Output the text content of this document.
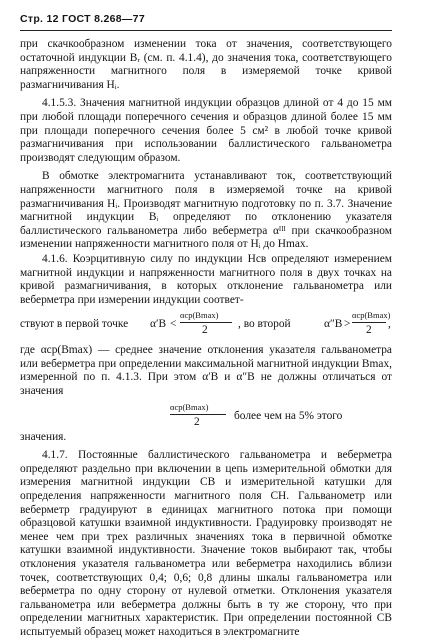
Стр. 12 ГОСТ 8.268—77

при скачкообразном изменении тока от значения, соответствующего остаточной индукции Bᵣ (см. п. 4.1.4), до значения тока, соответствующего напряженности магнитного поля в измеряемой точке кривой размагничивания Hᵢ.

4.1.5.3. Значения магнитной индукции образцов длиной от 4 до 15 мм при любой площади поперечного сечения и образцов длиной более 15 мм при площади поперечного сечения более 5 см² в любой точке кривой размагничивания при использовании баллистического гальванометра производят следующим образом.

В обмотке электромагнита устанавливают ток, соответствующий напряженности магнитного поля в измеряемой точке на кривой размагничивания Hᵢ. Производят магнитную подготовку по п. 3.7. Значение магнитной индукции Bᵢ определяют по отклонению указателя баллистического гальванометра либо веберметра αᴵᴵᴵ при скачкообразном изменении напряженности магнитного поля от Hᵢ до Hmax.

4.1.6. Коэрцитивную силу по индукции Hсв определяют измерением магнитной индукции и напряженности магнитного поля в двух точках на кривой размагничивания, в которых отклонение гальванометра или веберметра при измерении индукции соответ-

ствуют в первой точке α′B <
αср(Bmax)
2	, во второй	α″B >
αср(Bmax)
2 ,

где αср(Bmax) — среднее значение отклонения указателя гальванометра или веберметра при определении максимальной магнитной индукции Bmax, измеренной по п. 4.1.3. При этом α′B и α″B не должны отличаться от значения

αср(Bmax)
2	более чем на 5% этого

значения.

4.1.7. Постоянные баллистического гальванометра и веберметра определяют раздельно при включении в цепь измерительной обмотки для измерения магнитной индукции CB и измерительной катушки для определения напряженности магнитного поля CH. Гальванометр или веберметр градуируют в единицах магнитного потока при помощи образцовой катушки взаимной индуктивности. Градуировку производят не менее чем при трех различных значениях тока в первичной обмотке катушки взаимной индуктивности. Значение токов выбирают так, чтобы отклонения указателя гальванометра или веберметра находились вблизи точек, соответствующих 0,4; 0,6; 0,8 длины шкалы гальванометра или веберметра по одну сторону от нулевой отметки. Отклонения указателя гальванометра или веберметра должны быть в ту же сторону, что при определении магнитных характеристик. При определении постоянной CB испытуемый образец может находиться в электромагните
